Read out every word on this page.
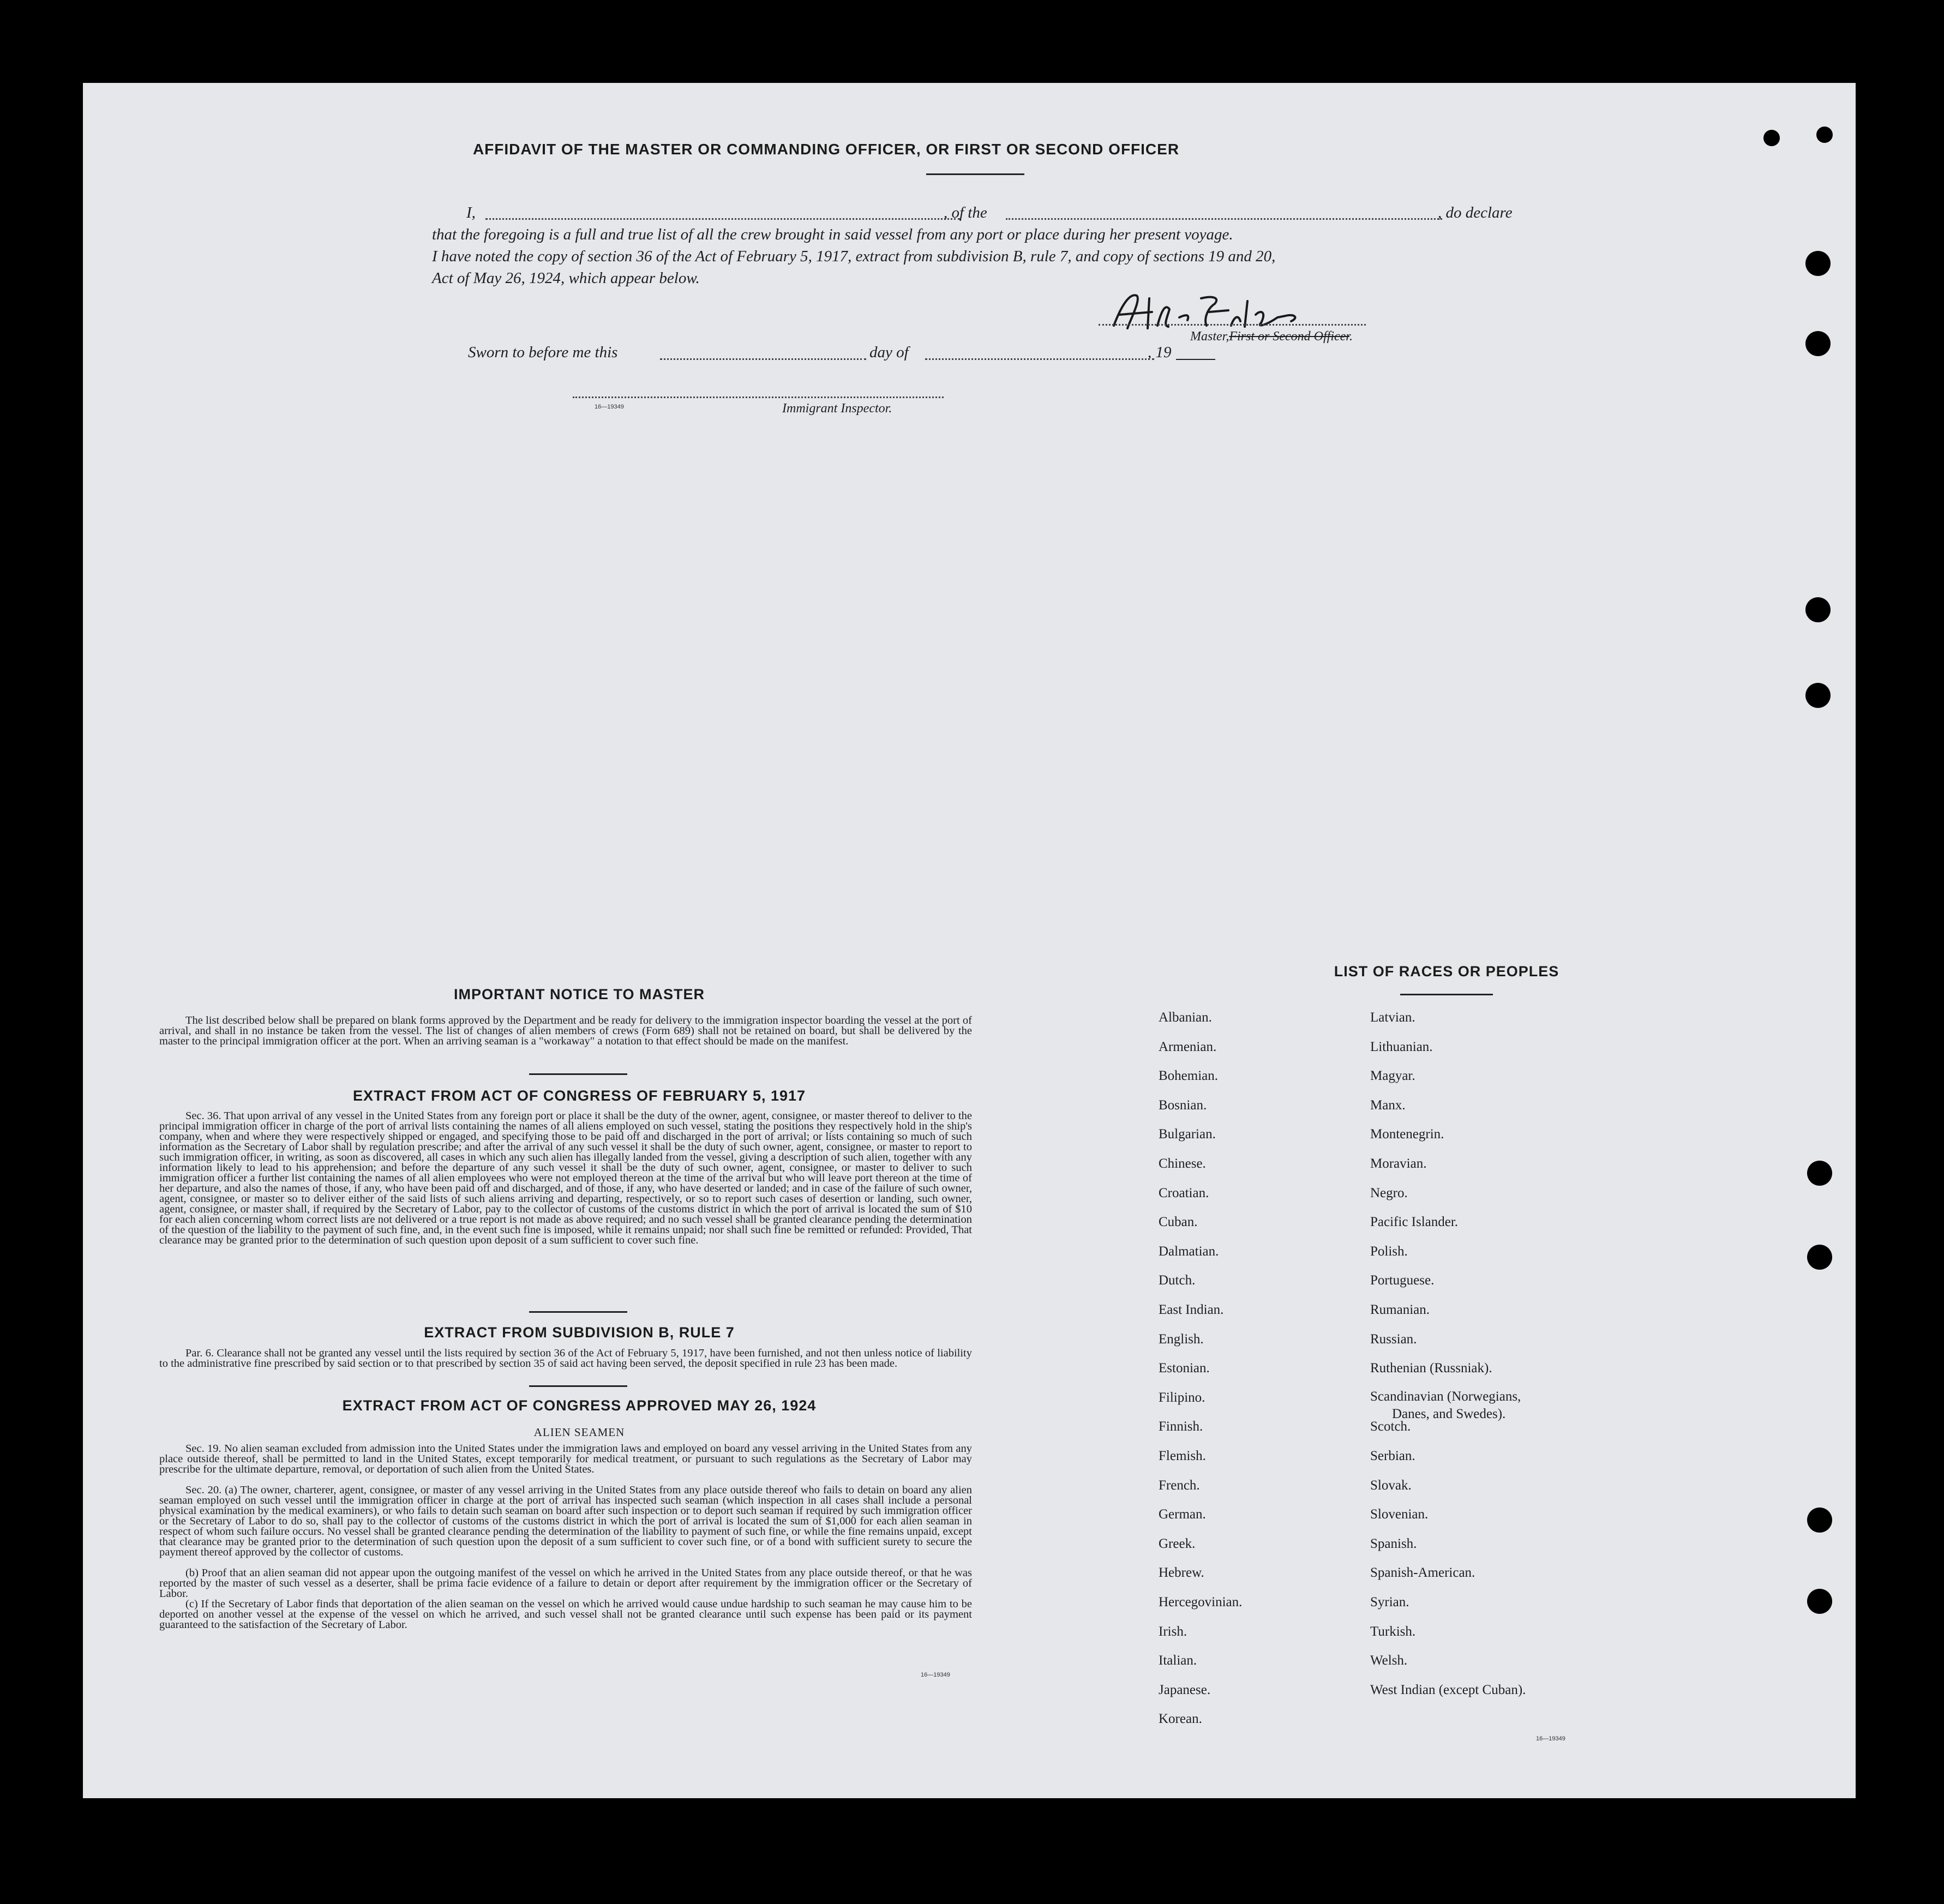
AFFIDAVIT OF THE MASTER OR COMMANDING OFFICER, OR FIRST OR SECOND OFFICER
I,	, of the	, do declare
that the foregoing is a full and true list of all the crew brought in said vessel from any port or place during her present voyage.
I have noted the copy of section 36 of the Act of February 5, 1917, extract from subdivision B, rule 7, and copy of sections 19 and 20,
Act of May 26, 1924, which appear below.
Master,First or Second Officer.
Sworn to before me this	day of	, 19
16—19349	Immigrant Inspector.
IMPORTANT NOTICE TO MASTER
The list described below shall be prepared on blank forms approved by the Department and be ready for delivery to the immigration inspector boarding the vessel at the port of arrival, and shall in no instance be taken from the vessel. The list of changes of alien members of crews (Form 689) shall not be retained on board, but shall be delivered by the master to the principal immigration officer at the port. When an arriving seaman is a "workaway" a notation to that effect should be made on the manifest.
EXTRACT FROM ACT OF CONGRESS OF FEBRUARY 5, 1917
Sec. 36. That upon arrival of any vessel in the United States from any foreign port or place it shall be the duty of the owner, agent, consignee, or master thereof to deliver to the principal immigration officer in charge of the port of arrival lists containing the names of all aliens employed on such vessel, stating the positions they respectively hold in the ship's company, when and where they were respectively shipped or engaged, and specifying those to be paid off and discharged in the port of arrival; or lists containing so much of such information as the Secretary of Labor shall by regulation prescribe; and after the arrival of any such vessel it shall be the duty of such owner, agent, consignee, or master to report to such immigration officer, in writing, as soon as discovered, all cases in which any such alien has illegally landed from the vessel, giving a description of such alien, together with any information likely to lead to his apprehension; and before the departure of any such vessel it shall be the duty of such owner, agent, consignee, or master to deliver to such immigration officer a further list containing the names of all alien employees who were not employed thereon at the time of the arrival but who will leave port thereon at the time of her departure, and also the names of those, if any, who have been paid off and discharged, and of those, if any, who have deserted or landed; and in case of the failure of such owner, agent, consignee, or master so to deliver either of the said lists of such aliens arriving and departing, respectively, or so to report such cases of desertion or landing, such owner, agent, consignee, or master shall, if required by the Secretary of Labor, pay to the collector of customs of the customs district in which the port of arrival is located the sum of $10 for each alien concerning whom correct lists are not delivered or a true report is not made as above required; and no such vessel shall be granted clearance pending the determination of the question of the liability to the payment of such fine, and, in the event such fine is imposed, while it remains unpaid; nor shall such fine be remitted or refunded: Provided, That clearance may be granted prior to the determination of such question upon deposit of a sum sufficient to cover such fine.
EXTRACT FROM SUBDIVISION B, RULE 7
Par. 6. Clearance shall not be granted any vessel until the lists required by section 36 of the Act of February 5, 1917, have been furnished, and not then unless notice of liability to the administrative fine prescribed by said section or to that prescribed by section 35 of said act having been served, the deposit specified in rule 23 has been made.
EXTRACT FROM ACT OF CONGRESS APPROVED MAY 26, 1924
ALIEN SEAMEN
Sec. 19. No alien seaman excluded from admission into the United States under the immigration laws and employed on board any vessel arriving in the United States from any place outside thereof, shall be permitted to land in the United States, except temporarily for medical treatment, or pursuant to such regulations as the Secretary of Labor may prescribe for the ultimate departure, removal, or deportation of such alien from the United States.
Sec. 20. (a) The owner, charterer, agent, consignee, or master of any vessel arriving in the United States from any place outside thereof who fails to detain on board any alien seaman employed on such vessel until the immigration officer in charge at the port of arrival has inspected such seaman (which inspection in all cases shall include a personal physical examination by the medical examiners), or who fails to detain such seaman on board after such inspection or to deport such seaman if required by such immigration officer or the Secretary of Labor to do so, shall pay to the collector of customs of the customs district in which the port of arrival is located the sum of $1,000 for each alien seaman in respect of whom such failure occurs. No vessel shall be granted clearance pending the determination of the liability to payment of such fine, or while the fine remains unpaid, except that clearance may be granted prior to the determination of such question upon the deposit of a sum sufficient to cover such fine, or of a bond with sufficient surety to secure the payment thereof approved by the collector of customs.
(b) Proof that an alien seaman did not appear upon the outgoing manifest of the vessel on which he arrived in the United States from any place outside thereof, or that he was reported by the master of such vessel as a deserter, shall be prima facie evidence of a failure to detain or deport after requirement by the immigration officer or the Secretary of Labor.
(c) If the Secretary of Labor finds that deportation of the alien seaman on the vessel on which he arrived would cause undue hardship to such seaman he may cause him to be deported on another vessel at the expense of the vessel on which he arrived, and such vessel shall not be granted clearance until such expense has been paid or its payment guaranteed to the satisfaction of the Secretary of Labor.
16—19349
LIST OF RACES OR PEOPLES
Albanian.
Armenian.
Bohemian.
Bosnian.
Bulgarian.
Chinese.
Croatian.
Cuban.
Dalmatian.
Dutch.
East Indian.
English.
Estonian.
Filipino.
Finnish.
Flemish.
French.
German.
Greek.
Hebrew.
Hercegovinian.
Irish.
Italian.
Japanese.
Korean.
Latvian.
Lithuanian.
Magyar.
Manx.
Montenegrin.
Moravian.
Negro.
Pacific Islander.
Polish.
Portuguese.
Rumanian.
Russian.
Ruthenian (Russniak).
Scandinavian (Norwegians,
Danes, and Swedes).
Scotch.
Serbian.
Slovak.
Slovenian.
Spanish.
Spanish-American.
Syrian.
Turkish.
Welsh.
West Indian (except Cuban).
16—19349
